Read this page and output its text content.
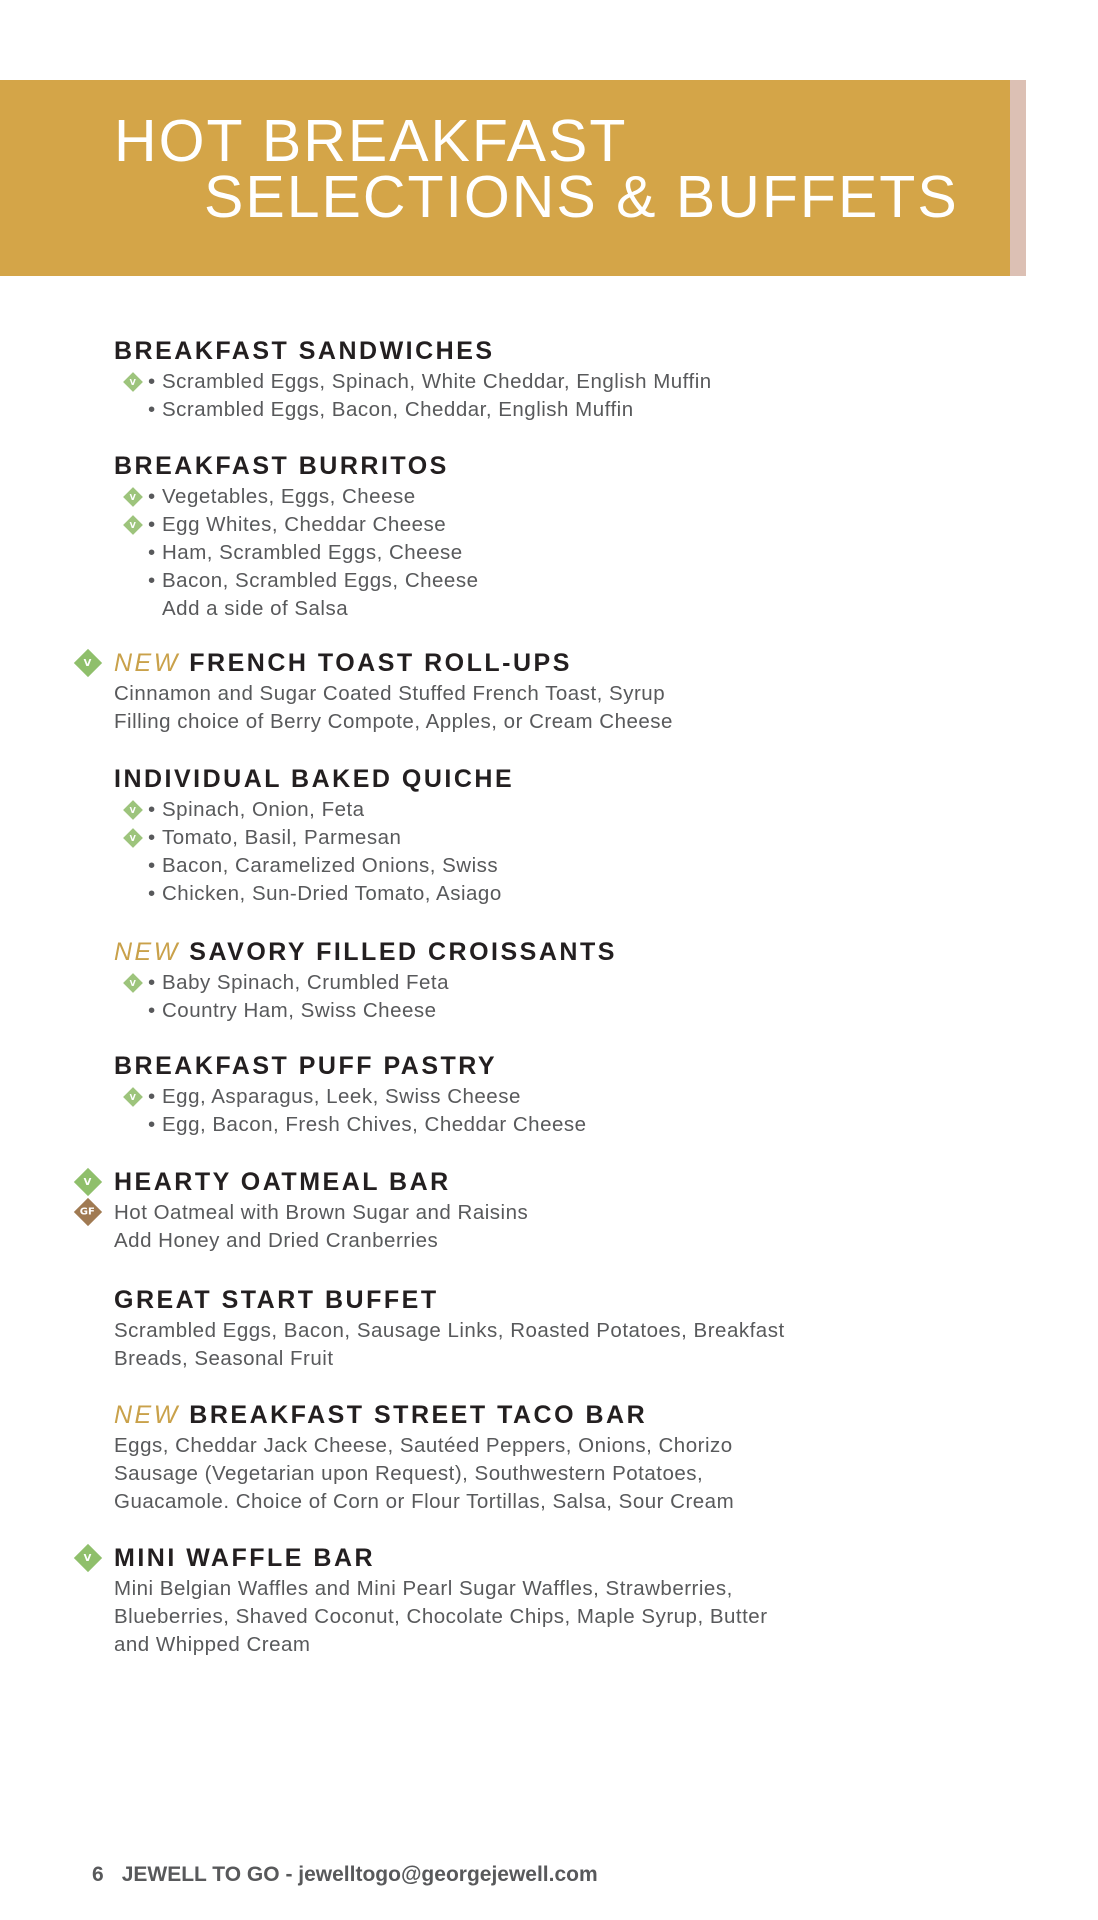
HOT BREAKFAST
SELECTIONS & BUFFETS
BREAKFAST SANDWICHES
V • Scrambled Eggs, Spinach, White Cheddar, English Muffin
• Scrambled Eggs, Bacon, Cheddar, English Muffin
BREAKFAST BURRITOS
V • Vegetables, Eggs, Cheese
V • Egg Whites, Cheddar Cheese
• Ham, Scrambled Eggs, Cheese
• Bacon, Scrambled Eggs, Cheese
Add a side of Salsa
NEW FRENCH TOAST ROLL-UPS
V
Cinnamon and Sugar Coated Stuffed French Toast, Syrup
Filling choice of Berry Compote, Apples, or Cream Cheese
INDIVIDUAL BAKED QUICHE
V • Spinach, Onion, Feta
V • Tomato, Basil, Parmesan
• Bacon, Caramelized Onions, Swiss
• Chicken, Sun-Dried Tomato, Asiago
NEW SAVORY FILLED CROISSANTS
V • Baby Spinach, Crumbled Feta
• Country Ham, Swiss Cheese
BREAKFAST PUFF PASTRY
V • Egg, Asparagus, Leek, Swiss Cheese
• Egg, Bacon, Fresh Chives, Cheddar Cheese
HEARTY OATMEAL BAR
V
GF Hot Oatmeal with Brown Sugar and Raisins
Add Honey and Dried Cranberries
GREAT START BUFFET
Scrambled Eggs, Bacon, Sausage Links, Roasted Potatoes, Breakfast
Breads, Seasonal Fruit
NEW BREAKFAST STREET TACO BAR
Eggs, Cheddar Jack Cheese, Sautéed Peppers, Onions, Chorizo
Sausage (Vegetarian upon Request), Southwestern Potatoes,
Guacamole. Choice of Corn or Flour Tortillas, Salsa, Sour Cream
MINI WAFFLE BAR
V
Mini Belgian Waffles and Mini Pearl Sugar Waffles, Strawberries,
Blueberries, Shaved Coconut, Chocolate Chips, Maple Syrup, Butter
and Whipped Cream
6 JEWELL TO GO - jewelltogo@georgejewell.com
